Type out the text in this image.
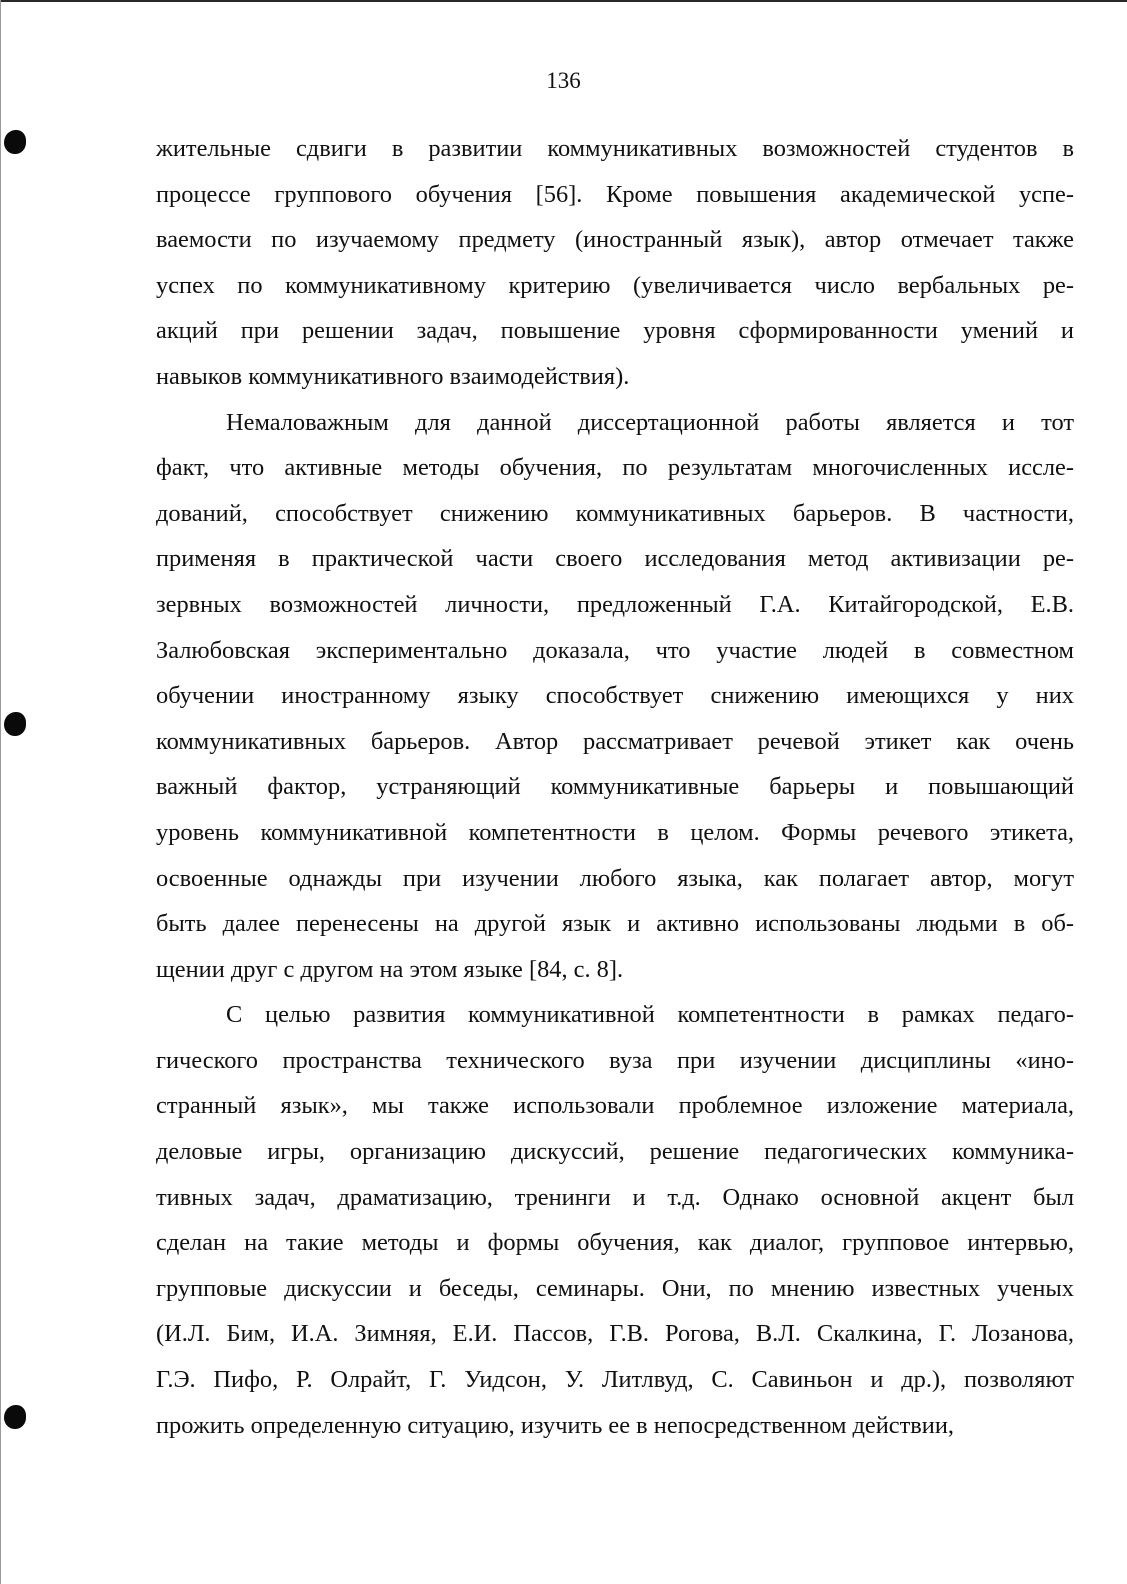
136

жительные сдвиги в развитии коммуникативных возможностей студентов в
процессе группового обучения [56]. Кроме повышения академической успе-
ваемости по изучаемому предмету (иностранный язык), автор отмечает также
успех по коммуникативному критерию (увеличивается число вербальных ре-
акций при решении задач, повышение уровня сформированности умений и
навыков коммуникативного взаимодействия).

Немаловажным для данной диссертационной работы является и тот
факт, что активные методы обучения, по результатам многочисленных иссле-
дований, способствует снижению коммуникативных барьеров. В частности,
применяя в практической части своего исследования метод активизации ре-
зервных возможностей личности, предложенный Г.А. Китайгородской, Е.В.
Залюбовская экспериментально доказала, что участие людей в совместном
обучении иностранному языку способствует снижению имеющихся у них
коммуникативных барьеров. Автор рассматривает речевой этикет как очень
важный фактор, устраняющий коммуникативные барьеры и повышающий
уровень коммуникативной компетентности в целом. Формы речевого этикета,
освоенные однажды при изучении любого языка, как полагает автор, могут
быть далее перенесены на другой язык и активно использованы людьми в об-
щении друг с другом на этом языке [84, с. 8].

С целью развития коммуникативной компетентности в рамках педаго-
гического пространства технического вуза при изучении дисциплины «ино-
странный язык», мы также использовали проблемное изложение материала,
деловые игры, организацию дискуссий, решение педагогических коммуника-
тивных задач, драматизацию, тренинги и т.д. Однако основной акцент был
сделан на такие методы и формы обучения, как диалог, групповое интервью,
групповые дискуссии и беседы, семинары. Они, по мнению известных ученых
(И.Л. Бим, И.А. Зимняя, Е.И. Пассов, Г.В. Рогова, В.Л. Скалкина, Г. Лозанова,
Г.Э. Пифо, Р. Олрайт, Г. Уидсон, У. Литлвуд, С. Савиньон и др.), позволяют
прожить определенную ситуацию, изучить ее в непосредственном действии,
